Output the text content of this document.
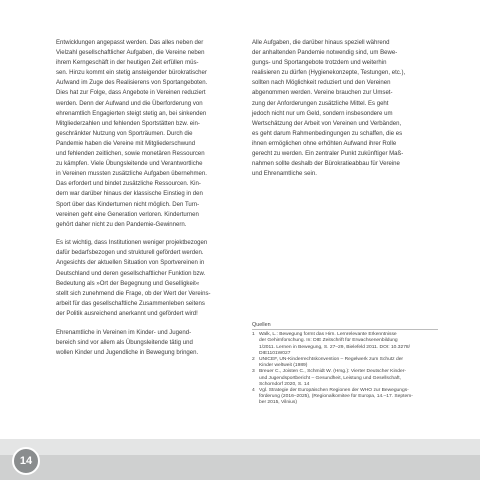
Entwicklungen angepasst werden. Das alles neben der
Vielzahl gesellschaftlicher Aufgaben, die Vereine neben
ihrem Kerngeschäft in der heutigen Zeit erfüllen müs-
sen. Hinzu kommt ein stetig ansteigender bürokratischer
Aufwand im Zuge des Realisierens von Sportangeboten.
Dies hat zur Folge, dass Angebote in Vereinen reduziert
werden. Denn der Aufwand und die Überforderung von
ehrenamtlich Engagierten steigt stetig an, bei sinkenden
Mitgliederzahlen und fehlenden Sportstätten bzw. ein-
geschränkter Nutzung von Sporträumen. Durch die
Pandemie haben die Vereine mit Mitgliederschwund
und fehlenden zeitlichen, sowie monetären Ressourcen
zu kämpfen. Viele Übungsleitende und Verantwortliche
in Vereinen mussten zusätzliche Aufgaben übernehmen.
Das erfordert und bindet zusätzliche Ressourcen. Kin-
dern war darüber hinaus der klassische Einstieg in den
Sport über das Kinderturnen nicht möglich. Den Turn-
vereinen geht eine Generation verloren. Kinderturnen
gehört daher nicht zu den Pandemie-Gewinnern.

Es ist wichtig, dass Institutionen weniger projektbezogen
dafür bedarfsbezogen und strukturell gefördert werden.
Angesichts der aktuellen Situation von Sportvereinen in
Deutschland und deren gesellschaftlicher Funktion bzw.
Bedeutung als »Ort der Begegnung und Geselligkeit«
stellt sich zunehmend die Frage, ob der Wert der Vereins-
arbeit für das gesellschaftliche Zusammenleben seitens
der Politik ausreichend anerkannt und gefördert wird!

Ehrenamtliche in Vereinen im Kinder- und Jugend-
bereich sind vor allem als Übungsleitende tätig und
wollen Kinder und Jugendliche in Bewegung bringen.

Alle Aufgaben, die darüber hinaus speziell während
der anhaltenden Pandemie notwendig sind, um Bewe-
gungs- und Sportangebote trotzdem und weiterhin
realisieren zu dürfen (Hygienekonzepte, Testungen, etc.),
sollten nach Möglichkeit reduziert und den Vereinen
abgenommen werden. Vereine brauchen zur Umset-
zung der Anforderungen zusätzliche Mittel. Es geht
jedoch nicht nur um Geld, sondern insbesondere um
Wertschätzung der Arbeit von Vereinen und Verbänden,
es geht darum Rahmenbedingungen zu schaffen, die es
ihnen ermöglichen ohne erhöhten Aufwand ihrer Rolle
gerecht zu werden. Ein zentraler Punkt zukünftiger Maß-
nahmen sollte deshalb der Bürokratieabbau für Vereine
und Ehrenamtliche sein.

Quellen
1 Walk, L.: Bewegung formt das Hirn. Lernrelevante Erkenntnisse
der Gehirnforschung. In: DIE Zeitschrift für Erwachsenenbildung
1/2011. Lernen in Bewegung, S. 27–29, Bielefeld 2011. DOI: 10.3278/
DIE1101W027
2 UNICEF, UN-Kinderrechtskonvention – Regelwerk zum Schutz der
Kinder weltweit (1989)
3 Breuer C., Joisten C., Schmidt W. (Hrsg.): Vierter Deutscher Kinder-
und Jugendsportbericht – Gesundheit, Leistung und Gesellschaft,
Schorndorf 2020, S. 14
4 Vgl. Strategie der Europäischen Regionen der WHO zur Bewegungs-
förderung (2016–2025), (Regionalkomitee für Europa, 14.–17. Septem-
ber 2015, Vilnius)
14
